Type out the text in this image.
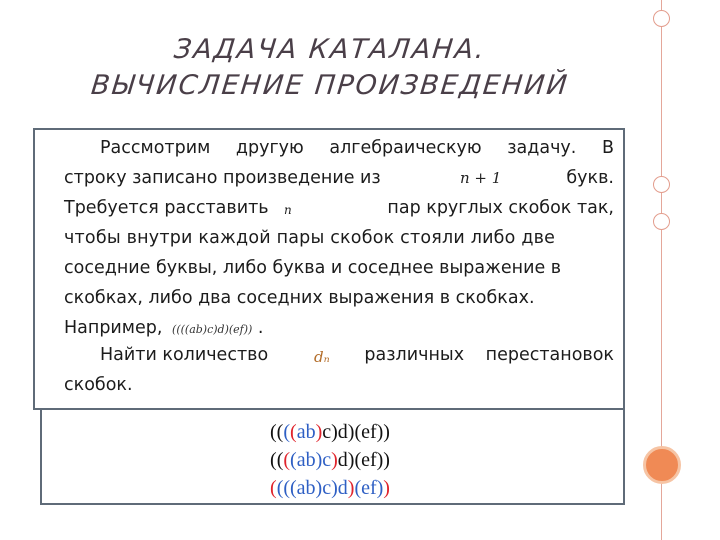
ЗАДАЧА КАТАЛАНА.
ВЫЧИСЛЕНИЕ ПРОИЗВЕДЕНИЙ
Рассмотрим другую алгебраическую задачу. В
строку записано произведение из	n + 1	букв.
Требуется расставить n	пар круглых скобок так,
чтобы внутри каждой пары скобок стояли либо две
соседние буквы, либо буква и соседнее выражение в
скобках, либо два соседних выражения в скобках.
Например, ((((ab)c)d)(ef)) .
Найти количество	dₙ различных перестановок
скобок.
((((ab)c)d)(ef))
((((ab)c)d)(ef))
((((ab)c)d)(ef))
